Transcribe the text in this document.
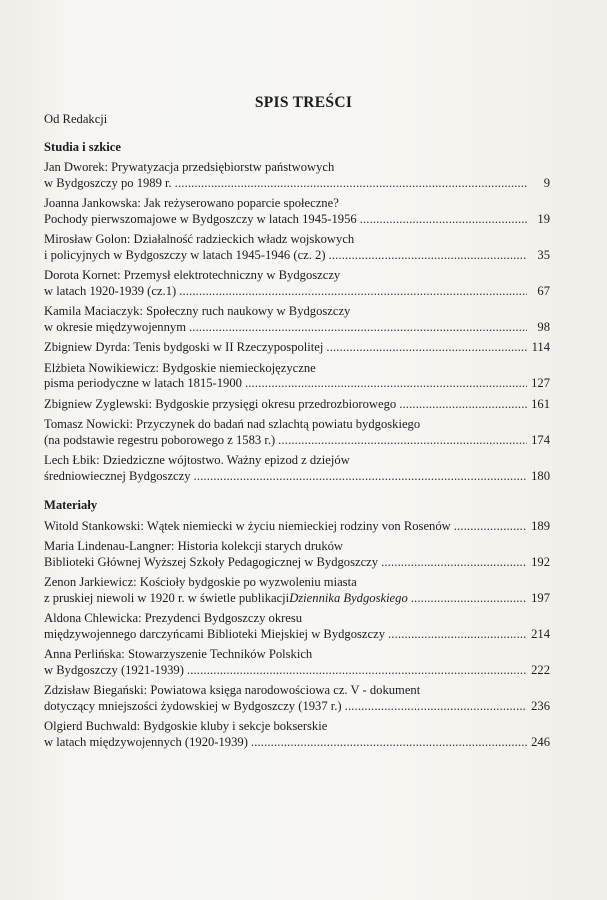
SPIS TREŚCI
Od Redakcji
Studia i szkice
Jan Dworek: Prywatyzacja przedsiębiorstw państwowych
w Bydgoszczy po 1989 r. . . .	9
Joanna Jankowska: Jak reżyserowano poparcie społeczne?
Pochody pierwszomajowe w Bydgoszczy w latach 1945-1956 . . .	19
Mirosław Golon: Działalność radzieckich władz wojskowych
i policyjnych w Bydgoszczy w latach 1945-1946 (cz. 2) . . .	35
Dorota Kornet: Przemysł elektrotechniczny w Bydgoszczy
w latach 1920-1939 (cz.1) . . .	67
Kamila Maciaczyk: Społeczny ruch naukowy w Bydgoszczy
w okresie międzywojennym . . .	98
Zbigniew Dyrda: Tenis bydgoski w II Rzeczypospolitej . . .	114
Elżbieta Nowikiewicz: Bydgoskie niemieckojęzyczne
pisma periodyczne w latach 1815-1900 . . .	127
Zbigniew Zyglewski: Bydgoskie przysięgi okresu przedrozbiorowego . . .	161
Tomasz Nowicki: Przyczynek do badań nad szlachtą powiatu bydgoskiego
(na podstawie regestru poborowego z 1583 r.) . . .	174
Lech Łbik: Dziedziczne wójtostwo. Ważny epizod z dziejów
średniowiecznej Bydgoszczy . . .	180
Materiały
Witold Stankowski: Wątek niemiecki w życiu niemieckiej rodziny von Rosenów . . .	189
Maria Lindenau-Langner: Historia kolekcji starych druków
Biblioteki Głównej Wyższej Szkoły Pedagogicznej w Bydgoszczy . . .	192
Zenon Jarkiewicz: Kościoły bydgoskie po wyzwoleniu miasta
z pruskiej niewoli w 1920 r. w świetle publikacji Dziennika Bydgoskiego . . .	197
Aldona Chlewicka: Prezydenci Bydgoszczy okresu
międzywojennego darczyńcami Biblioteki Miejskiej w Bydgoszczy . . .	214
Anna Perlińska: Stowarzyszenie Techników Polskich
w Bydgoszczy (1921-1939) . . .	222
Zdzisław Biegański: Powiatowa księga narodowościowa cz. V - dokument
dotyczący mniejszości żydowskiej w Bydgoszczy (1937 r.) . . .	236
Olgierd Buchwald: Bydgoskie kluby i sekcje bokserskie
w latach międzywojennych (1920-1939) . . .	246
